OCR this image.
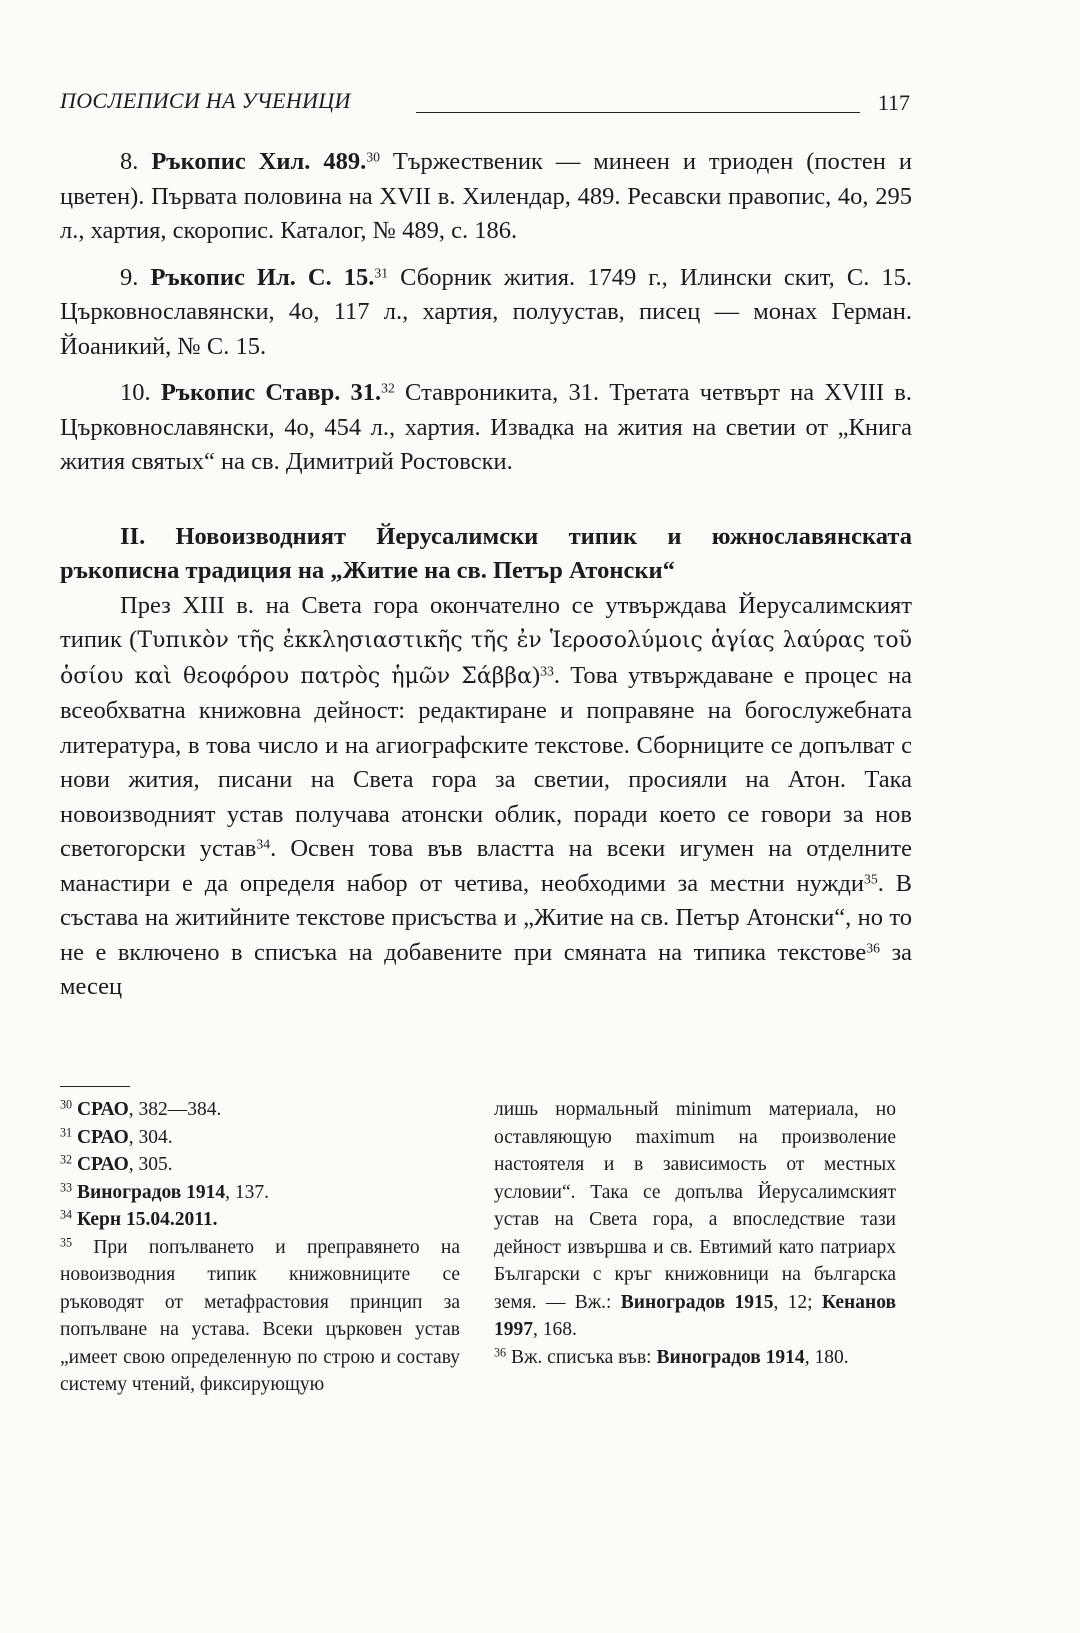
ПОСЛЕПИСИ НА УЧЕНИЦИ	117

8. Ръкопис Хил. 489.30 Тържественик — минеен и триоден (постен и цветен). Първата половина на XVII в. Хилендар, 489. Ресавски правопис, 4о, 295 л., хартия, скоропис. Каталог, № 489, с. 186.

9. Ръкопис Ил. С. 15.31 Сборник жития. 1749 г., Илински скит, С. 15. Църковнославянски, 4о, 117 л., хартия, полуустав, писец — монах Герман. Йоаникий, № С. 15.

10. Ръкопис Ставр. 31.32 Ставроникита, 31. Третата четвърт на XVIII в. Църковнославянски, 4о, 454 л., хартия. Извадка на жития на светии от „Книга жития святых“ на св. Димитрий Ростовски.

II. Новоизводният Йерусалимски типик и южнославянската ръкописна традиция на „Житие на св. Петър Атонски“

През XIII в. на Света гора окончателно се утвърждава Йерусалимският типик (Τυπικὸν τῆς ἐκκλησιαστικῆς τῆς ἐν Ἱεροσολύμοις ἁγίας λαύρας τοῦ ὁσίου καὶ θεοφόρου πατρὸς ἡμῶν Σάββα)$^{33}$. Това утвърждаване е процес на всеобхватна книжовна дейност: редактиране и поправяне на богослужебната литература, в това число и на агиографските текстове. Сборниците се допълват с нови жития, писани на Света гора за светии, просияли на Атон. Така новоизводният устав получава атонски облик, поради което се говори за нов светогорски устав$^{34}$. Освен това във властта на всеки игумен на отделните манастири е да определя набор от четива, необходими за местни нужди$^{35}$. В състава на житийните текстове присъства и „Житие на св. Петър Атонски“, но то не е включено в списъка на добавените при смяната на типика текстове$^{36}$ за месец

$^{30}$ СРАО, 382—384.

$^{31}$ СРАО, 304.

$^{32}$ СРАО, 305.

$^{33}$ Виноградов 1914, 137.

$^{34}$ Керн 15.04.2011.

$^{35}$ При попълването и преправянето на новоизводния типик книжовниците се ръководят от метафрастовия принцип за попълване на устава. Всеки църковен устав „имеет свою определенную по строю и составу систему чтений, фиксирующую

лишь нормальный minimum материала, но оставляющую maximum на произволение настоятеля и в зависимость от местных условии“. Така се допълва Йерусалимският устав на Света гора, а впоследствие тази дейност извършва и св. Евтимий като патриарх Български с кръг книжовници на българска земя. — Вж.: Виноградов 1915, 12; Кенанов 1997, 168.

$^{36}$ Вж. списъка във: Виноградов 1914, 180.
